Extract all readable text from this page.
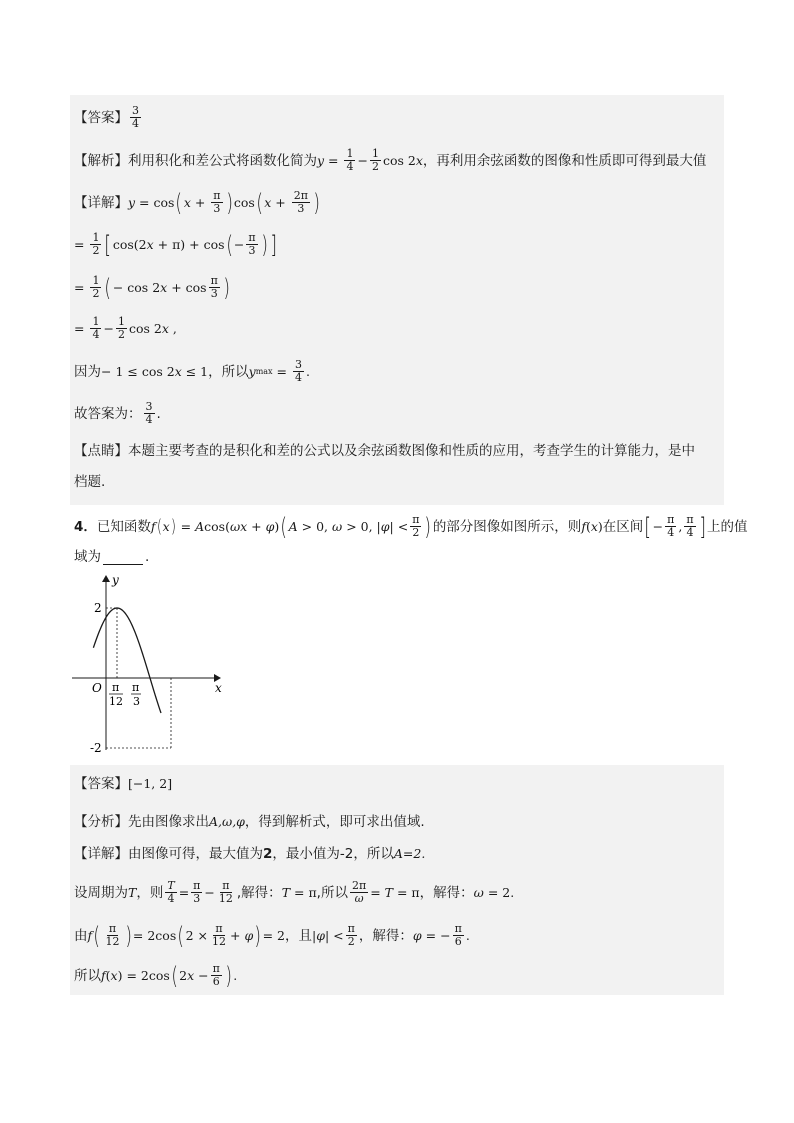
【答案】 $\frac{3}{4}$
【解析】 利用积化和差公式将函数化简为 $y = \frac{1}{4} - \frac{1}{2}$ cos 2x ，再利用余弦函数的图像和性质即可得到最大值
【详解】 y = cos ( $x + \frac{\pi}{3}$ ) cos ( $x + \frac{2\pi}{3}$ )
= $\frac{1}{2}$ [ cos(2x + π) + cos ( − $\frac{\pi}{3}$ ) ]
= $\frac{1}{2}$ ( − $\cos 2x + \cos \frac{\pi}{3}$ )
= $\frac{1}{4} - \frac{1}{2}$ cos 2x ,
因为 − 1 ≤ cos 2x ≤ 1 ，所以 y $\max = \frac{3}{4}$ .
故答案为： $\frac{3}{4}$ .
【点睛】 本题主要考查的是积化和差的公式以及余弦函数图像和性质的应用，考查学生的计算能力，是中
档题.
4． 已知函数 f ( x ) = Acos(ωx + φ) ( A > 0, ω > 0, $|\varphi| < \frac{\pi}{2}$ ) 的部分图像如图所示，则 f (x) 在区间 [ − $\frac{\pi}{4}$ , $\frac{\pi}{4}$ ] 上的值
域为	.
y
x
O
2
-2
π
12
π
3
【答案】 [−1, 2]
【分析】 先由图像求出 A,ω,φ ，得到解析式，即可求出值域.
【详解】 由图像可得，最大值为 2 ，最小值为 -2 ，所以 A=2.
设周期为 T ，则 $\frac{T}{4} = \frac{\pi}{3} - \frac{\pi}{12}$ ,解得： T = π ,所以 $\frac{2\pi}{\omega} = T = \pi$ ，解得： ω = 2.
由 f ( $\frac{\pi}{12}$ ) = 2cos ( $2 \times \frac{\pi}{12} + \varphi$ ) = 2 ，且 $|\varphi| < \frac{\pi}{2}$ ，解得： φ = − $\frac{\pi}{6}$ .
所以 f(x) = 2cos ( $2x - \frac{\pi}{6}$ ) .
